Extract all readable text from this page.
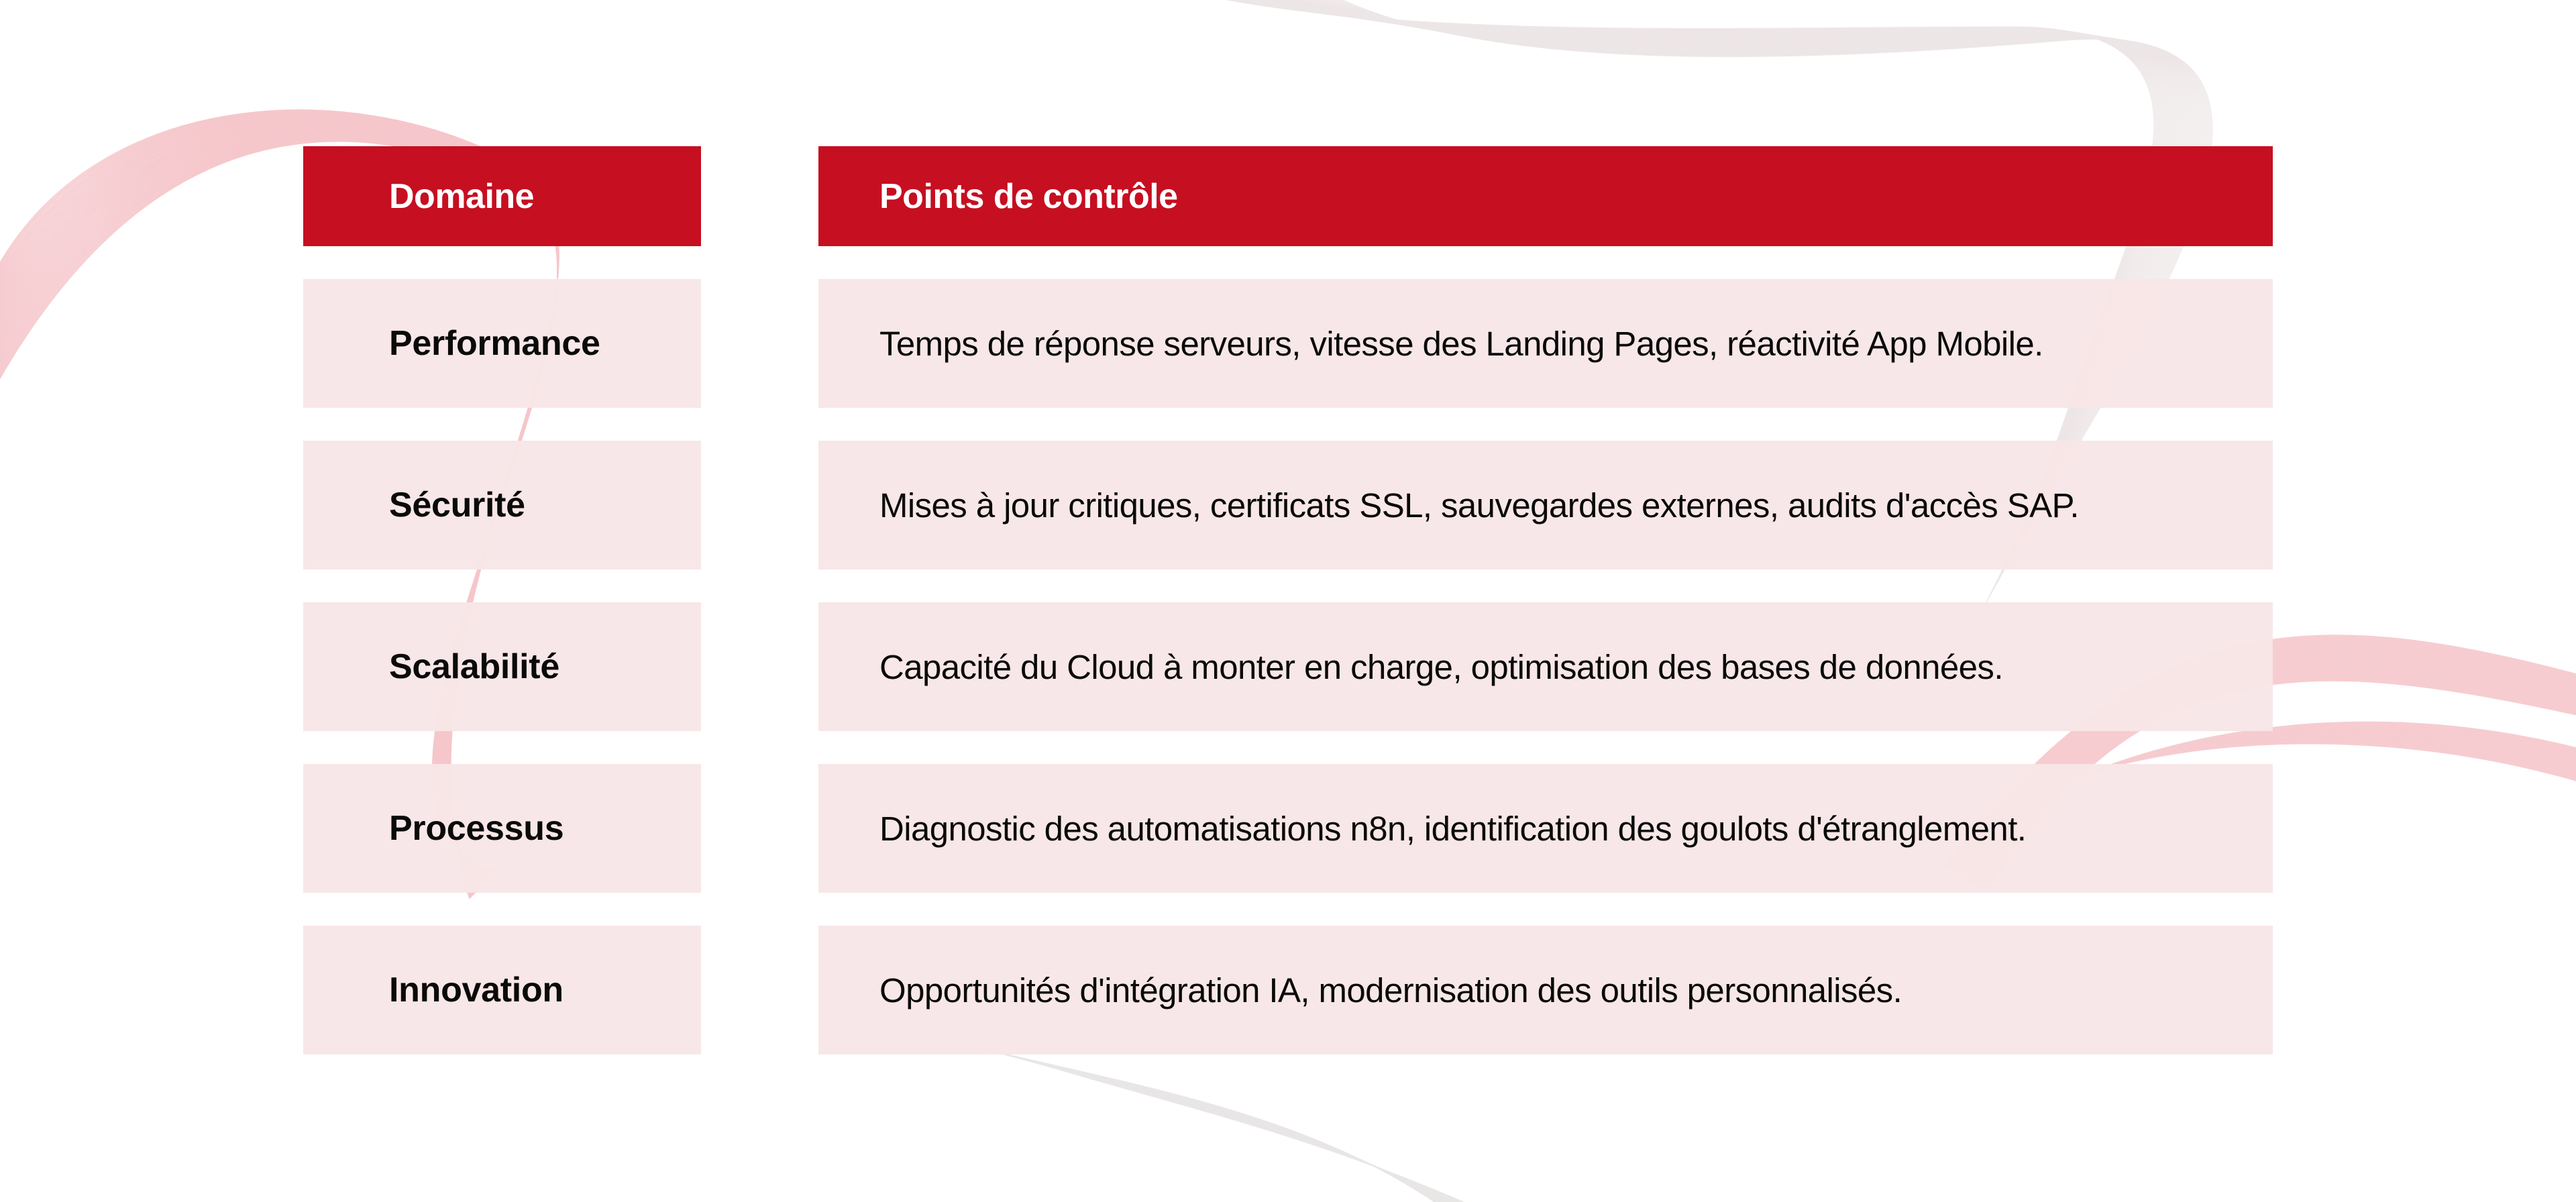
Domaine	Points de contrôle
Performance	Temps de réponse serveurs, vitesse des Landing Pages, réactivité App Mobile.
Sécurité	Mises à jour critiques, certificats SSL, sauvegardes externes, audits d'accès SAP.
Scalabilité	Capacité du Cloud à monter en charge, optimisation des bases de données.
Processus	Diagnostic des automatisations n8n, identification des goulots d'étranglement.
Innovation	Opportunités d'intégration IA, modernisation des outils personnalisés.
